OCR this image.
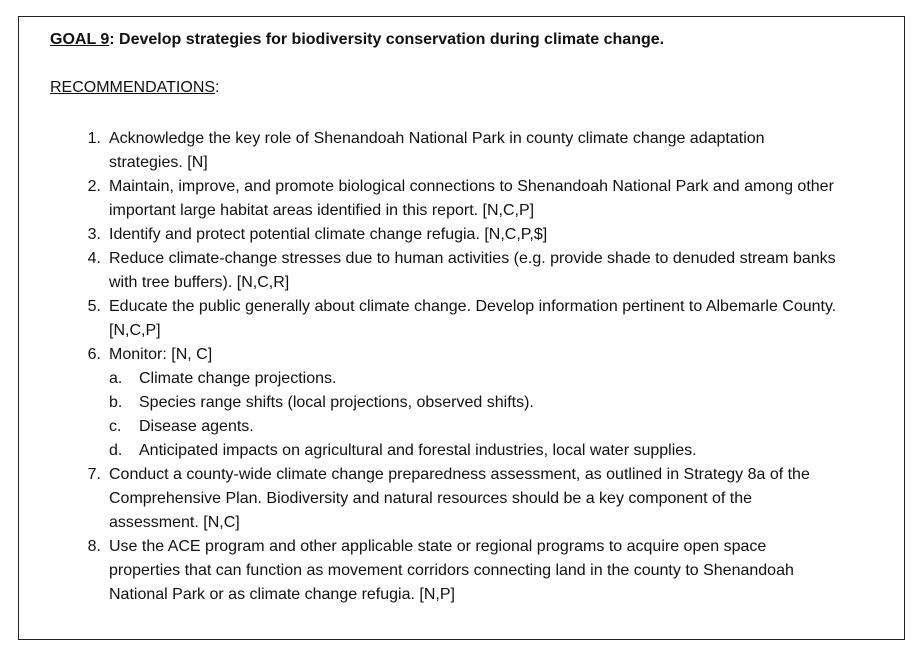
GOAL 9: Develop strategies for biodiversity conservation during climate change.
RECOMMENDATIONS:
1. Acknowledge the key role of Shenandoah National Park in county climate change adaptation strategies. [N]
2. Maintain, improve, and promote biological connections to Shenandoah National Park and among other important large habitat areas identified in this report. [N,C,P]
3. Identify and protect potential climate change refugia. [N,C,P,$]
4. Reduce climate-change stresses due to human activities (e.g. provide shade to denuded stream banks with tree buffers). [N,C,R]
5. Educate the public generally about climate change. Develop information pertinent to Albemarle County. [N,C,P]
6. Monitor: [N, C]
a. Climate change projections.
b. Species range shifts (local projections, observed shifts).
c.	Disease agents.
d. Anticipated impacts on agricultural and forestal industries, local water supplies.
7. Conduct a county-wide climate change preparedness assessment, as outlined in Strategy 8a of the Comprehensive Plan. Biodiversity and natural resources should be a key component of the assessment. [N,C]
8. Use the ACE program and other applicable state or regional programs to acquire open space properties that can function as movement corridors connecting land in the county to Shenandoah National Park or as climate change refugia. [N,P]
